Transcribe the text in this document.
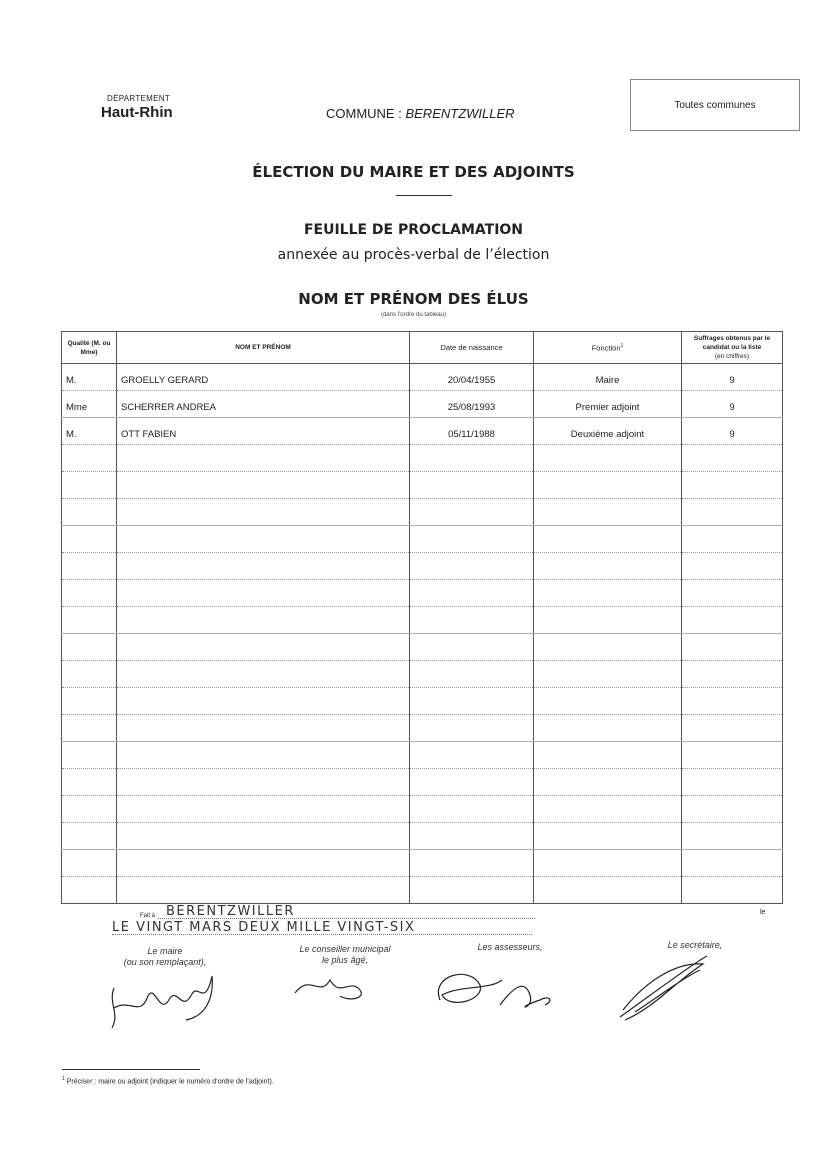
DÉPARTEMENT
Haut-Rhin	COMMUNE : BERENTZWILLER
Toutes communes
ÉLECTION DU MAIRE ET DES ADJOINTS
FEUILLE DE PROCLAMATION
annexée au procès-verbal de l’élection
NOM ET PRÉNOM DES ÉLUS
(dans l’ordre du tableau)
Qualité (M. ou Mme)	NOM ET PRÉNOM	Date de naissance	Fonction$^1$	Suffrages obtenus par le candidat ou la liste
(en chiffres)

M.	GROELLY GERARD	20/04/1955	Maire	9

Mme	SCHERRER ANDREA	25/08/1993	Premier adjoint	9

M.	OTT FABIEN	05/11/1988	Deuxième adjoint	9

Fait à BERENTZWILLER
LE VINGT MARS DEUX MILLE VINGT-SIX
le
Le maire
(ou son remplaçant),
Le conseiller municipal
le plus âgé,
Les assesseurs,	Le secrétaire,
$^1$ Préciser : maire ou adjoint (indiquer le numéro d’ordre de l’adjoint).
